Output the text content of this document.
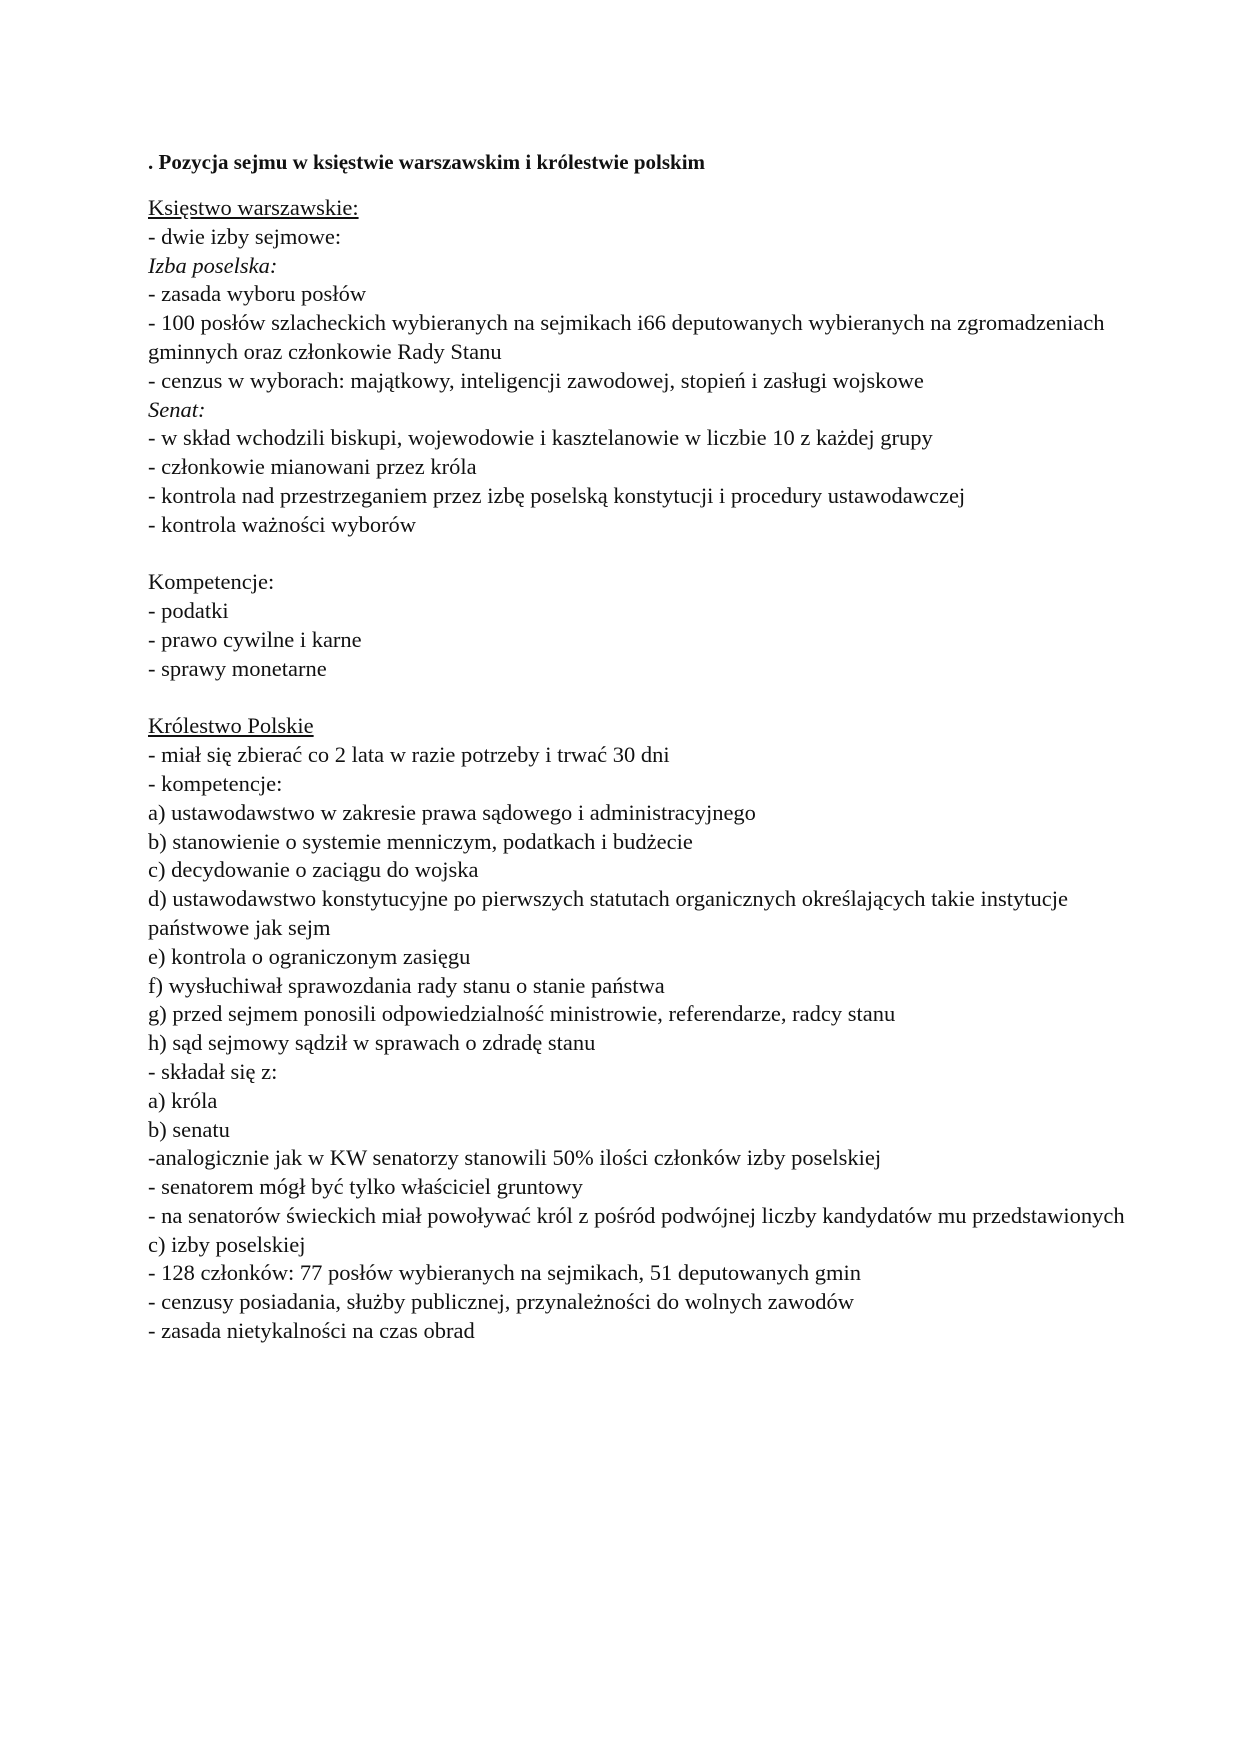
. Pozycja sejmu w księstwie warszawskim i królestwie polskim
Księstwo warszawskie:
- dwie izby sejmowe:
Izba poselska:
- zasada wyboru posłów
- 100 posłów szlacheckich wybieranych na sejmikach i66 deputowanych wybieranych na zgromadzeniach gminnych oraz członkowie Rady Stanu
- cenzus w wyborach: majątkowy, inteligencji zawodowej, stopień i zasługi wojskowe
Senat:
- w skład wchodzili biskupi, wojewodowie i kasztelanowie w liczbie 10 z każdej grupy
- członkowie mianowani przez króla
- kontrola nad przestrzeganiem przez izbę poselską konstytucji i procedury ustawodawczej
- kontrola ważności wyborów
Kompetencje:
- podatki
- prawo cywilne i karne
- sprawy monetarne
Królestwo Polskie
- miał się zbierać co 2 lata w razie potrzeby i trwać 30 dni
- kompetencje:
a) ustawodawstwo w zakresie prawa sądowego i administracyjnego
b) stanowienie o systemie menniczym, podatkach i budżecie
c) decydowanie o zaciągu do wojska
d) ustawodawstwo konstytucyjne po pierwszych statutach organicznych określających takie instytucje państwowe jak sejm
e) kontrola o ograniczonym zasięgu
f) wysłuchiwał sprawozdania rady stanu o stanie państwa
g) przed sejmem ponosili odpowiedzialność ministrowie, referendarze, radcy stanu
h) sąd sejmowy sądził w sprawach o zdradę stanu
- składał się z:
a) króla
b) senatu
-analogicznie jak w KW senatorzy stanowili 50% ilości członków izby poselskiej
- senatorem mógł być tylko właściciel gruntowy
- na senatorów świeckich miał powoływać król z pośród podwójnej liczby kandydatów mu przedstawionych
c) izby poselskiej
- 128 członków: 77 posłów wybieranych na sejmikach, 51 deputowanych gmin
- cenzusy posiadania, służby publicznej, przynależności do wolnych zawodów
- zasada nietykalności na czas obrad
